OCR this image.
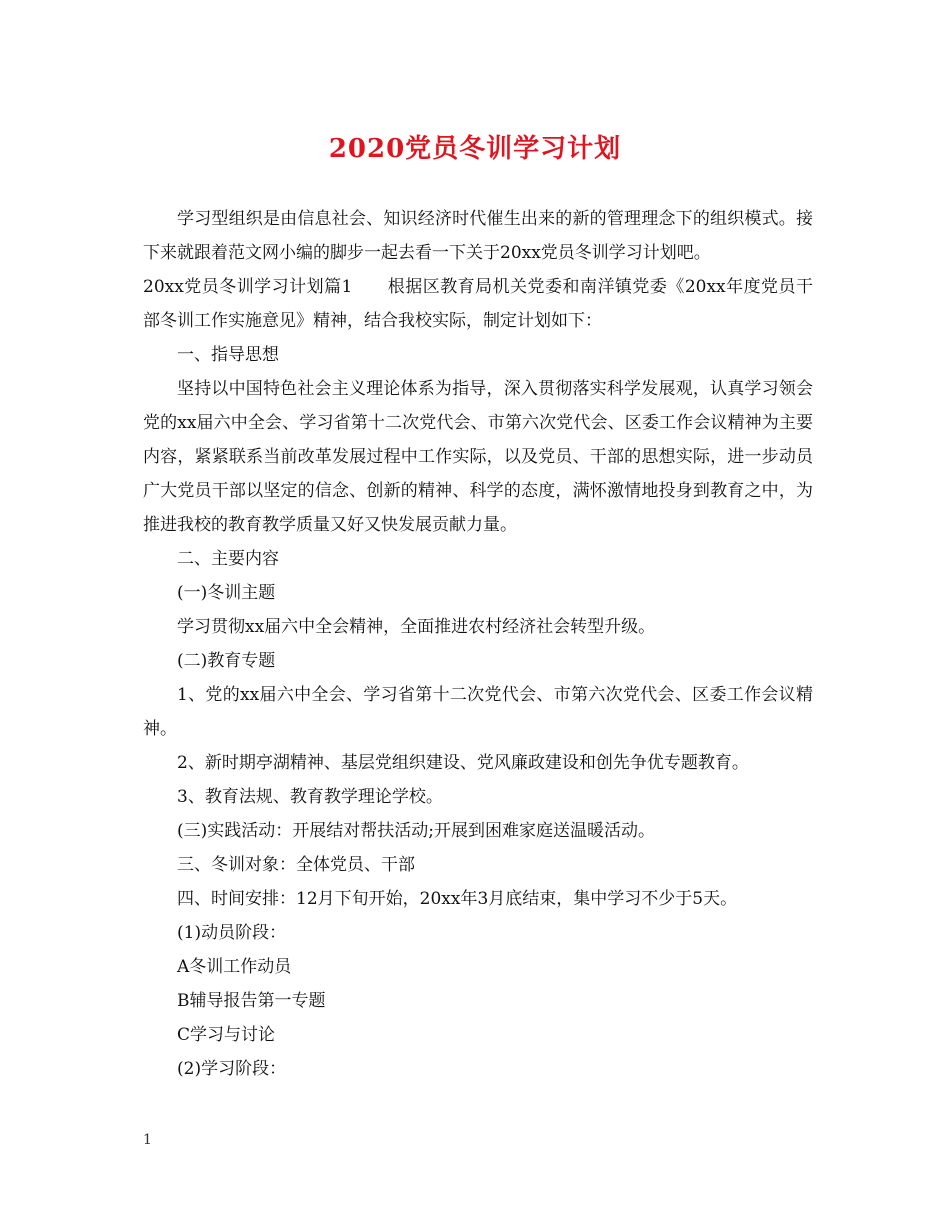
2020党员冬训学习计划

学习型组织是由信息社会、知识经济时代催生出来的新的管理理念下的组织模式。接下来就跟着范文网小编的脚步一起去看一下关于20xx党员冬训学习计划吧。

20xx党员冬训学习计划篇1　　根据区教育局机关党委和南洋镇党委《20xx年度党员干部冬训工作实施意见》精神，结合我校实际，制定计划如下：

一、指导思想

坚持以中国特色社会主义理论体系为指导，深入贯彻落实科学发展观，认真学习领会党的xx届六中全会、学习省第十二次党代会、市第六次党代会、区委工作会议精神为主要内容，紧紧联系当前改革发展过程中工作实际，以及党员、干部的思想实际，进一步动员广大党员干部以坚定的信念、创新的精神、科学的态度，满怀激情地投身到教育之中，为推进我校的教育教学质量又好又快发展贡献力量。

二、主要内容

(一)冬训主题

学习贯彻xx届六中全会精神，全面推进农村经济社会转型升级。

(二)教育专题

1、党的xx届六中全会、学习省第十二次党代会、市第六次党代会、区委工作会议精神。

2、新时期亭湖精神、基层党组织建设、党风廉政建设和创先争优专题教育。

3、教育法规、教育教学理论学校。

(三)实践活动：开展结对帮扶活动;开展到困难家庭送温暖活动。

三、冬训对象：全体党员、干部

四、时间安排：12月下旬开始，20xx年3月底结束，集中学习不少于5天。

(1)动员阶段：

A冬训工作动员

B辅导报告第一专题

C学习与讨论

(2)学习阶段：

1
